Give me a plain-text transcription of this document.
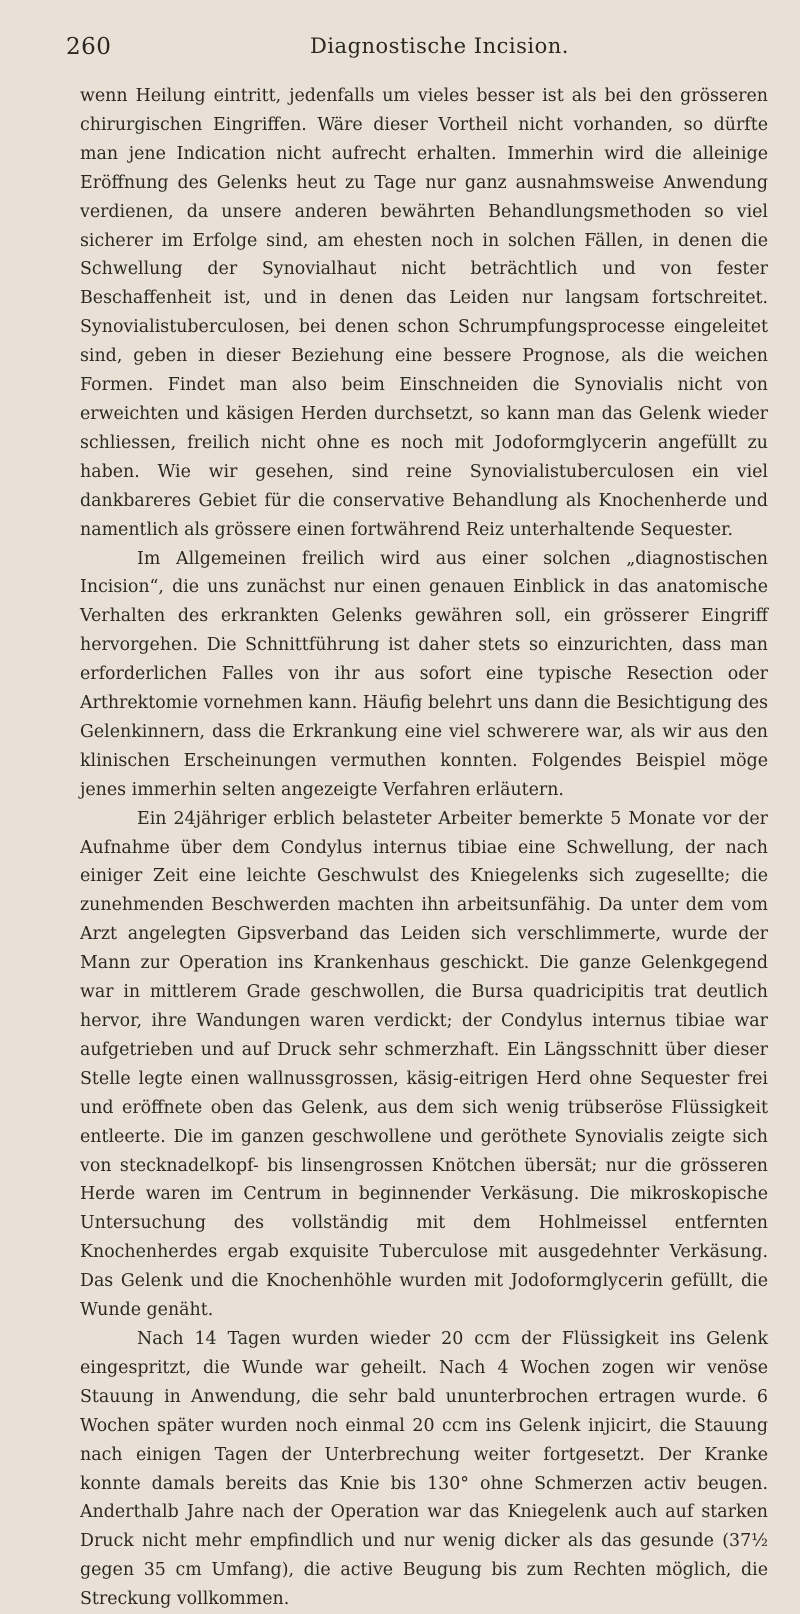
260	Diagnostische Incision.

wenn Heilung eintritt, jedenfalls um vieles besser ist als bei den grösseren chirurgischen Eingriffen. Wäre dieser Vortheil nicht vorhanden, so dürfte man jene Indication nicht aufrecht erhalten. Immerhin wird die alleinige Eröffnung des Gelenks heut zu Tage nur ganz ausnahmsweise Anwendung verdienen, da unsere anderen bewährten Behandlungsmethoden so viel sicherer im Erfolge sind, am ehesten noch in solchen Fällen, in denen die Schwellung der Synovialhaut nicht beträchtlich und von fester Beschaffenheit ist, und in denen das Leiden nur langsam fortschreitet. Synovialistuberculosen, bei denen schon Schrumpfungsprocesse eingeleitet sind, geben in dieser Beziehung eine bessere Prognose, als die weichen Formen. Findet man also beim Einschneiden die Synovialis nicht von erweichten und käsigen Herden durchsetzt, so kann man das Gelenk wieder schliessen, freilich nicht ohne es noch mit Jodoformglycerin angefüllt zu haben. Wie wir gesehen, sind reine Synovialistuberculosen ein viel dankbareres Gebiet für die conservative Behandlung als Knochenherde und namentlich als grössere einen fortwährend Reiz unterhaltende Sequester.

Im Allgemeinen freilich wird aus einer solchen „diagnostischen Incision“, die uns zunächst nur einen genauen Einblick in das anatomische Verhalten des erkrankten Gelenks gewähren soll, ein grösserer Eingriff hervorgehen. Die Schnittführung ist daher stets so einzurichten, dass man erforderlichen Falles von ihr aus sofort eine typische Resection oder Arthrektomie vornehmen kann. Häufig belehrt uns dann die Besichtigung des Gelenkinnern, dass die Erkrankung eine viel schwerere war, als wir aus den klinischen Erscheinungen vermuthen konnten. Folgendes Beispiel möge jenes immerhin selten angezeigte Verfahren erläutern.

Ein 24jähriger erblich belasteter Arbeiter bemerkte 5 Monate vor der Aufnahme über dem Condylus internus tibiae eine Schwellung, der nach einiger Zeit eine leichte Geschwulst des Kniegelenks sich zugesellte; die zunehmenden Beschwerden machten ihn arbeitsunfähig. Da unter dem vom Arzt angelegten Gipsverband das Leiden sich verschlimmerte, wurde der Mann zur Operation ins Krankenhaus geschickt. Die ganze Gelenkgegend war in mittlerem Grade geschwollen, die Bursa quadricipitis trat deutlich hervor, ihre Wandungen waren verdickt; der Condylus internus tibiae war aufgetrieben und auf Druck sehr schmerzhaft. Ein Längsschnitt über dieser Stelle legte einen wallnussgrossen, käsig-eitrigen Herd ohne Sequester frei und eröffnete oben das Gelenk, aus dem sich wenig trübseröse Flüssigkeit entleerte. Die im ganzen geschwollene und geröthete Synovialis zeigte sich von stecknadelkopf- bis linsengrossen Knötchen übersät; nur die grösseren Herde waren im Centrum in beginnender Verkäsung. Die mikroskopische Untersuchung des vollständig mit dem Hohlmeissel entfernten Knochenherdes ergab exquisite Tuberculose mit ausgedehnter Verkäsung. Das Gelenk und die Knochenhöhle wurden mit Jodoformglycerin gefüllt, die Wunde genäht.

Nach 14 Tagen wurden wieder 20 ccm der Flüssigkeit ins Gelenk eingespritzt, die Wunde war geheilt. Nach 4 Wochen zogen wir venöse Stauung in Anwendung, die sehr bald ununterbrochen ertragen wurde. 6 Wochen später wurden noch einmal 20 ccm ins Gelenk injicirt, die Stauung nach einigen Tagen der Unterbrechung weiter fortgesetzt. Der Kranke konnte damals bereits das Knie bis 130° ohne Schmerzen activ beugen. Anderthalb Jahre nach der Operation war das Kniegelenk auch auf starken Druck nicht mehr empfindlich und nur wenig dicker als das gesunde (37½ gegen 35 cm Umfang), die active Beugung bis zum Rechten möglich, die Streckung vollkommen.
